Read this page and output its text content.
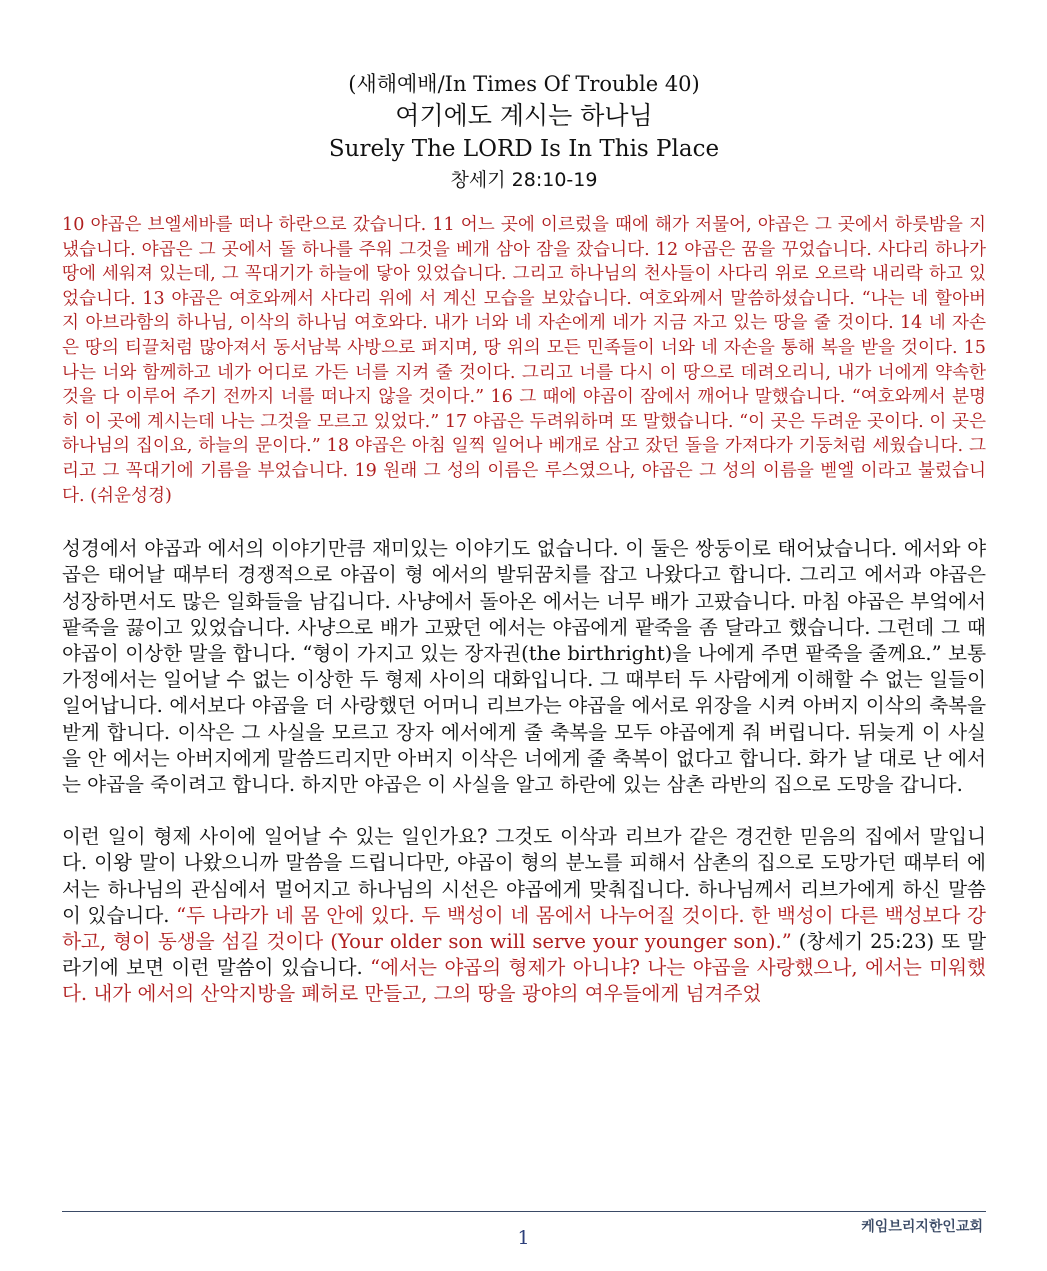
(새해예배/In Times Of Trouble 40)
여기에도 계시는 하나님
Surely The LORD Is In This Place
창세기 28:10-19

10 야곱은 브엘세바를 떠나 하란으로 갔습니다. 11 어느 곳에 이르렀을 때에 해가 저물어, 야곱은 그 곳에서 하룻밤을 지냈습니다. 야곱은 그 곳에서 돌 하나를 주워 그것을 베개 삼아 잠을 잤습니다. 12 야곱은 꿈을 꾸었습니다. 사다리 하나가 땅에 세워져 있는데, 그 꼭대기가 하늘에 닿아 있었습니다. 그리고 하나님의 천사들이 사다리 위로 오르락 내리락 하고 있었습니다. 13 야곱은 여호와께서 사다리 위에 서 계신 모습을 보았습니다. 여호와께서 말씀하셨습니다. “나는 네 할아버지 아브라함의 하나님, 이삭의 하나님 여호와다. 내가 너와 네 자손에게 네가 지금 자고 있는 땅을 줄 것이다. 14 네 자손은 땅의 티끌처럼 많아져서 동서남북 사방으로 퍼지며, 땅 위의 모든 민족들이 너와 네 자손을 통해 복을 받을 것이다. 15 나는 너와 함께하고 네가 어디로 가든 너를 지켜 줄 것이다. 그리고 너를 다시 이 땅으로 데려오리니, 내가 너에게 약속한 것을 다 이루어 주기 전까지 너를 떠나지 않을 것이다.” 16 그 때에 야곱이 잠에서 깨어나 말했습니다. “여호와께서 분명히 이 곳에 계시는데 나는 그것을 모르고 있었다.” 17 야곱은 두려워하며 또 말했습니다. “이 곳은 두려운 곳이다. 이 곳은 하나님의 집이요, 하늘의 문이다.” 18 야곱은 아침 일찍 일어나 베개로 삼고 잤던 돌을 가져다가 기둥처럼 세웠습니다. 그리고 그 꼭대기에 기름을 부었습니다. 19 원래 그 성의 이름은 루스였으나, 야곱은 그 성의 이름을 벧엘 이라고 불렀습니다. (쉬운성경)

성경에서 야곱과 에서의 이야기만큼 재미있는 이야기도 없습니다. 이 둘은 쌍둥이로 태어났습니다. 에서와 야곱은 태어날 때부터 경쟁적으로 야곱이 형 에서의 발뒤꿈치를 잡고 나왔다고 합니다. 그리고 에서과 야곱은 성장하면서도 많은 일화들을 남깁니다. 사냥에서 돌아온 에서는 너무 배가 고팠습니다. 마침 야곱은 부엌에서 팥죽을 끓이고 있었습니다. 사냥으로 배가 고팠던 에서는 야곱에게 팥죽을 좀 달라고 했습니다. 그런데 그 때 야곱이 이상한 말을 합니다. “형이 가지고 있는 장자권(the birthright)을 나에게 주면 팥죽을 줄께요.” 보통 가정에서는 일어날 수 없는 이상한 두 형제 사이의 대화입니다. 그 때부터 두 사람에게 이해할 수 없는 일들이 일어납니다. 에서보다 야곱을 더 사랑했던 어머니 리브가는 야곱을 에서로 위장을 시켜 아버지 이삭의 축복을 받게 합니다. 이삭은 그 사실을 모르고 장자 에서에게 줄 축복을 모두 야곱에게 줘 버립니다. 뒤늦게 이 사실을 안 에서는 아버지에게 말씀드리지만 아버지 이삭은 너에게 줄 축복이 없다고 합니다. 화가 날 대로 난 에서는 야곱을 죽이려고 합니다. 하지만 야곱은 이 사실을 알고 하란에 있는 삼촌 라반의 집으로 도망을 갑니다.

이런 일이 형제 사이에 일어날 수 있는 일인가요? 그것도 이삭과 리브가 같은 경건한 믿음의 집에서 말입니다. 이왕 말이 나왔으니까 말씀을 드립니다만, 야곱이 형의 분노를 피해서 삼촌의 집으로 도망가던 때부터 에서는 하나님의 관심에서 멀어지고 하나님의 시선은 야곱에게 맞춰집니다. 하나님께서 리브가에게 하신 말씀이 있습니다. “두 나라가 네 몸 안에 있다. 두 백성이 네 몸에서 나누어질 것이다. 한 백성이 다른 백성보다 강하고, 형이 동생을 섬길 것이다 (Your older son will serve your younger son).” (창세기 25:23) 또 말라기에 보면 이런 말씀이 있습니다. “에서는 야곱의 형제가 아니냐? 나는 야곱을 사랑했으나, 에서는 미워했다. 내가 에서의 산악지방을 폐허로 만들고, 그의 땅을 광야의 여우들에게 넘겨주었

1	케임브리지한인교회
